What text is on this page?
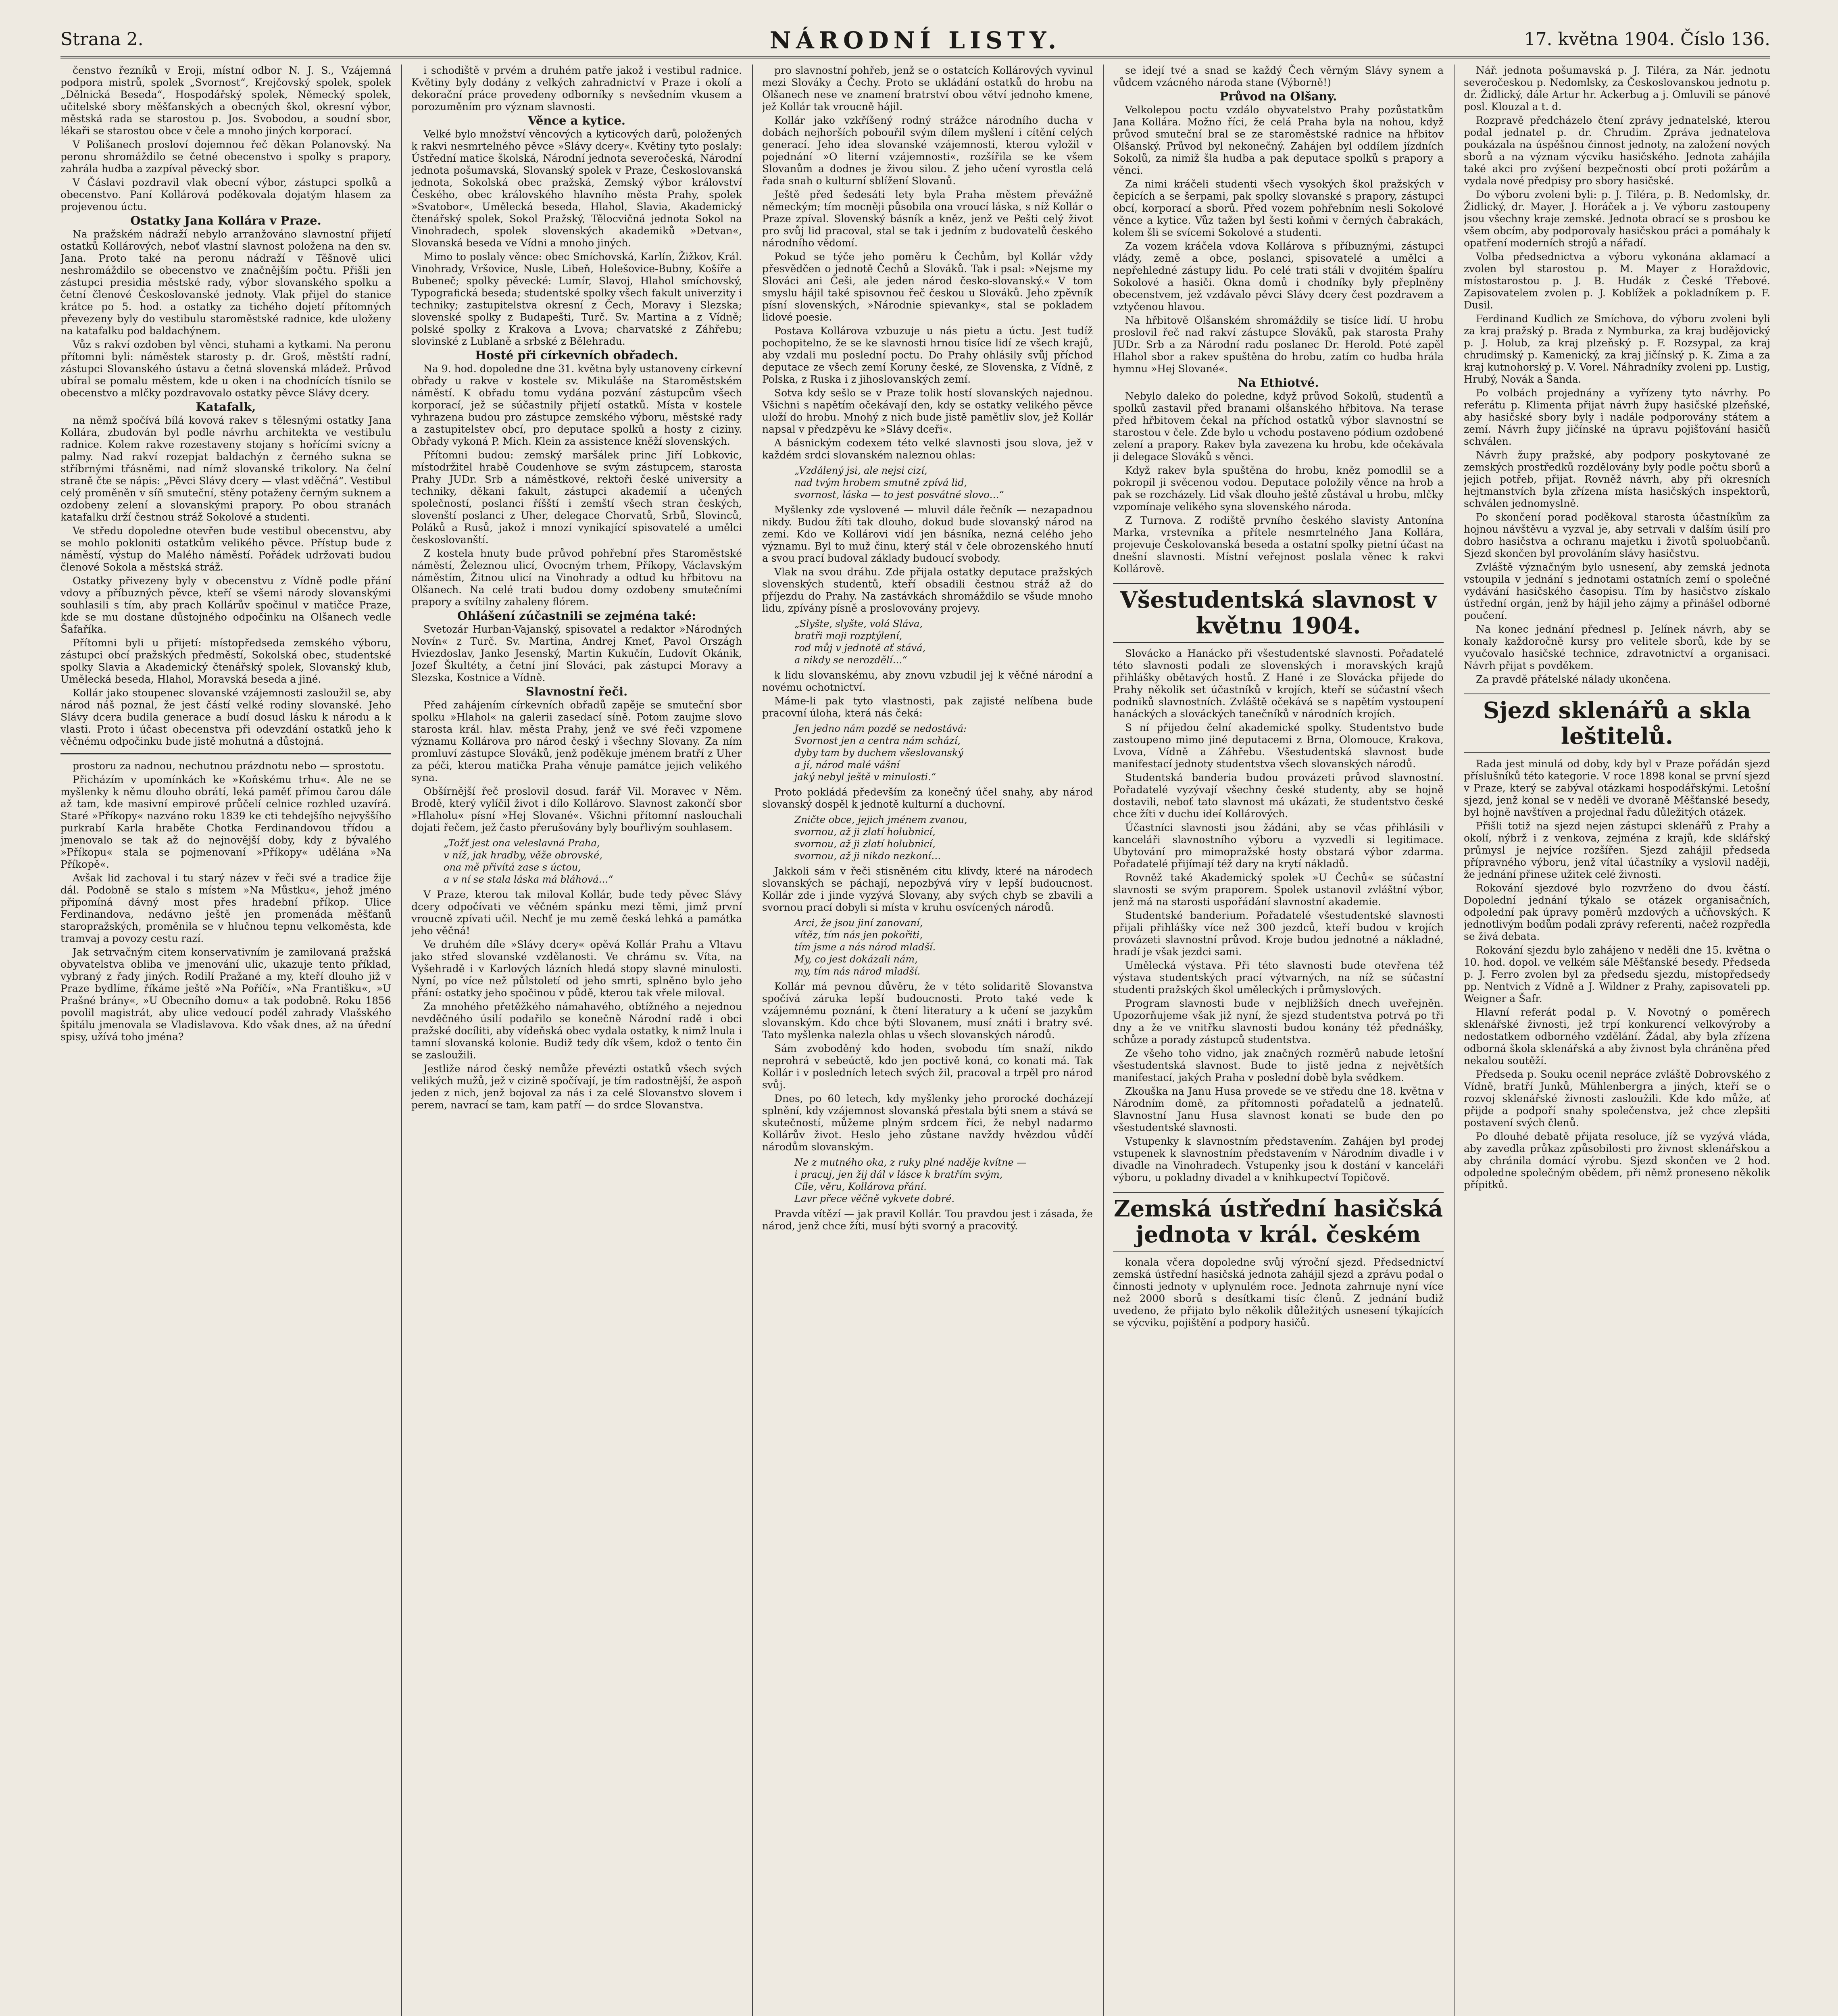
Strana 2.	NÁRODNÍ LISTY.	17. května 1904. Číslo 136.

čenstvo řezníků v Eroji, místní odbor N. J. S., Vzájemná podpora mistrů, spolek „Svornost“, Krejčovský spolek, spolek „Dělnická Beseda“, Hospodářský spolek, Německý spolek, učitelské sbory měšťanských a obecných škol, okresní výbor, městská rada se starostou p. Jos. Svobodou, a soudní sbor, lékaři se starostou obce v čele a mnoho jiných korporací.

V Polišanech prosloví dojemnou řeč děkan Polanovský. Na peronu shromáždilo se četné obecenstvo i spolky s prapory, zahrála hudba a zazpíval pěvecký sbor.

V Čáslavi pozdravil vlak obecní výbor, zástupci spolků a obecenstvo. Paní Kollárová poděkovala dojatým hlasem za projevenou úctu.

Ostatky Jana Kollára v Praze.

Na pražském nádraží nebylo arranžováno slavnostní přijetí ostatků Kollárových, neboť vlastní slavnost položena na den sv. Jana. Proto také na peronu nádraží v Těšnově ulici neshromáždilo se obecenstvo ve značnějším počtu. Přišli jen zástupci presidia městské rady, výbor slovanského spolku a četní členové Českoslovanské jednoty. Vlak přijel do stanice krátce po 5. hod. a ostatky za tichého dojetí přítomných převezeny byly do vestibulu staroměstské radnice, kde uloženy na katafalku pod baldachýnem.

Vůz s rakví ozdoben byl věnci, stuhami a kytkami. Na peronu přítomni byli: náměstek starosty p. dr. Groš, městští radní, zástupci Slovanského ústavu a četná slovenská mládež. Průvod ubíral se pomalu městem, kde u oken i na chodnících tísnilo se obecenstvo a mlčky pozdravovalo ostatky pěvce Slávy dcery.

Katafalk,

na němž spočívá bílá kovová rakev s tělesnými ostatky Jana Kollára, zbudován byl podle návrhu architekta ve vestibulu radnice. Kolem rakve rozestaveny stojany s hořícími svícny a palmy. Nad rakví rozepjat baldachýn z černého sukna se stříbrnými třásněmi, nad nímž slovanské trikolory. Na čelní straně čte se nápis: „Pěvci Slávy dcery — vlast vděčná“. Vestibul celý proměněn v síň smuteční, stěny potaženy černým suknem a ozdobeny zelení a slovanskými prapory. Po obou stranách katafalku drží čestnou stráž Sokolové a studenti.

Ve středu dopoledne otevřen bude vestibul obecenstvu, aby se mohlo pokloniti ostatkům velikého pěvce. Přístup bude z náměstí, výstup do Malého náměstí. Pořádek udržovati budou členové Sokola a městská stráž.

Ostatky přivezeny byly v obecenstvu z Vídně podle přání vdovy a příbuzných pěvce, kteří se všemi národy slovanskými souhlasili s tím, aby prach Kollárův spočinul v matičce Praze, kde se mu dostane důstojného odpočinku na Olšanech vedle Šafaříka.

Přítomni byli u přijetí: místopředseda zemského výboru, zástupci obcí pražských předměstí, Sokolská obec, studentské spolky Slavia a Akademický čtenářský spolek, Slovanský klub, Umělecká beseda, Hlahol, Moravská beseda a jiné.

Kollár jako stoupenec slovanské vzájemnosti zasloužil se, aby národ náš poznal, že jest částí velké rodiny slovanské. Jeho Slávy dcera budila generace a budí dosud lásku k národu a k vlasti. Proto i účast obecenstva při odevzdání ostatků jeho k věčnému odpočinku bude jistě mohutná a důstojná.

prostoru za nadnou, nechutnou prázdnotu nebo — sprostotu.

Přicházím v upomínkách ke »Koňskému trhu«. Ale ne se myšlenky k němu dlouho obrátí, leká paměť přímou čarou dále až tam, kde masivní empirové průčelí celnice rozhled uzavírá. Staré »Příkopy« nazváno roku 1839 ke cti tehdejšího nejvyššího purkrabí Karla hraběte Chotka Ferdinandovou třídou a jmenovalo se tak až do nejnovější doby, kdy z bývalého »Příkopu« stala se pojmenovaní »Příkopy« udělána »Na Příkopě«.

Avšak lid zachoval i tu starý název v řeči své a tradice žije dál. Podobně se stalo s místem »Na Můstku«, jehož jméno připomíná dávný most přes hradební příkop. Ulice Ferdinandova, nedávno ještě jen promenáda měšťanů staropražských, proměnila se v hlučnou tepnu velkoměsta, kde tramvaj a povozy cestu razí.

Jak setrvačným citem konservativním je zamilovaná pražská obyvatelstva obliba ve jmenování ulic, ukazuje tento příklad, vybraný z řady jiných. Rodilí Pražané a my, kteří dlouho již v Praze bydlíme, říkáme ještě »Na Poříčí«, »Na Františku«, »U Prašné brány«, »U Obecního domu« a tak podobně. Roku 1856 povolil magistrát, aby ulice vedoucí podél zahrady Vlašského špitálu jmenovala se Vladislavova. Kdo však dnes, až na úřední spisy, užívá toho jména?

i schodiště v prvém a druhém patře jakož i vestibul radnice. Květiny byly dodány z velkých zahradnictví v Praze i okolí a dekorační práce provedeny odborníky s nevšedním vkusem a porozuměním pro význam slavnosti.

Věnce a kytice.

Velké bylo množství věncových a kyticových darů, položených k rakvi nesmrtelného pěvce »Slávy dcery«. Květiny tyto poslaly: Ústřední matice školská, Národní jednota severočeská, Národní jednota pošumavská, Slovanský spolek v Praze, Českoslovanská jednota, Sokolská obec pražská, Zemský výbor království Českého, obec královského hlavního města Prahy, spolek »Svatobor«, Umělecká beseda, Hlahol, Slavia, Akademický čtenářský spolek, Sokol Pražský, Tělocvičná jednota Sokol na Vinohradech, spolek slovenských akademiků »Detvan«, Slovanská beseda ve Vídni a mnoho jiných.

Mimo to poslaly věnce: obec Smíchovská, Karlín, Žižkov, Král. Vinohrady, Vršovice, Nusle, Libeň, Holešovice-Bubny, Košíře a Bubeneč; spolky pěvecké: Lumír, Slavoj, Hlahol smíchovský, Typografická beseda; studentské spolky všech fakult univerzity i techniky; zastupitelstva okresní z Čech, Moravy i Slezska; slovenské spolky z Budapešti, Turč. Sv. Martina a z Vídně; polské spolky z Krakova a Lvova; charvatské z Záhřebu; slovinské z Lublaně a srbské z Bělehradu.

Hosté při církevních obřadech.

Na 9. hod. dopoledne dne 31. května byly ustanoveny církevní obřady u rakve v kostele sv. Mikuláše na Staroměstském náměstí. K obřadu tomu vydána pozvání zástupcům všech korporací, jež se súčastnily přijetí ostatků. Místa v kostele vyhrazena budou pro zástupce zemského výboru, městské rady a zastupitelstev obcí, pro deputace spolků a hosty z ciziny. Obřady vykoná P. Mich. Klein za assistence kněží slovenských.

Přítomni budou: zemský maršálek princ Jiří Lobkovic, místodržitel hrabě Coudenhove se svým zástupcem, starosta Prahy JUDr. Srb a náměstkové, rektoři české university a techniky, děkani fakult, zástupci akademií a učených společností, poslanci říšští i zemští všech stran českých, slovenští poslanci z Uher, delegace Chorvatů, Srbů, Slovinců, Poláků a Rusů, jakož i mnozí vynikající spisovatelé a umělci českoslovanští.

Z kostela hnuty bude průvod pohřební přes Staroměstské náměstí, Železnou ulicí, Ovocným trhem, Příkopy, Václavským náměstím, Žitnou ulicí na Vinohrady a odtud ku hřbitovu na Olšanech. Na celé trati budou domy ozdobeny smutečními prapory a svítilny zahaleny flórem.

Ohlášení zúčastnili se zejména také:

Svetozár Hurban-Vajanský, spisovatel a redaktor »Národných Novín« z Turč. Sv. Martina, Andrej Kmeť, Pavol Országh Hviezdoslav, Janko Jesenský, Martin Kukučín, Ľudovít Okánik, Jozef Škultéty, a četní jiní Slováci, pak zástupci Moravy a Slezska, Kostnice a Vídně.

Slavnostní řeči.

Před zahájením církevních obřadů zapěje se smuteční sbor spolku »Hlahol« na galerii zasedací síně. Potom zaujme slovo starosta král. hlav. města Prahy, jenž ve své řeči vzpomene významu Kollárova pro národ český i všechny Slovany. Za ním promluví zástupce Slováků, jenž poděkuje jménem bratří z Uher za péči, kterou matička Praha věnuje památce jejich velikého syna.

Obšírnější řeč proslovil dosud. farář Vil. Moravec v Něm. Brodě, který vylíčil život i dílo Kollárovo. Slavnost zakončí sbor »Hlaholu« písní »Hej Slované«. Všichni přítomní naslouchali dojati řečem, jež často přerušovány byly bouřlivým souhlasem.

„Tožť jest ona veleslavná Praha,
v níž, jak hradby, věže obrovské,
ona mě přivítá zase s úctou,
a v ní se stala láska má bláhová…“

V Praze, kterou tak miloval Kollár, bude tedy pěvec Slávy dcery odpočívati ve věčném spánku mezi těmi, jimž první vroucně zpívati učil. Nechť je mu země česká lehká a památka jeho věčná!

Ve druhém díle »Slávy dcery« opěvá Kollár Prahu a Vltavu jako střed slovanské vzdělanosti. Ve chrámu sv. Víta, na Vyšehradě i v Karlových lázních hledá stopy slavné minulosti. Nyní, po více než půlstoletí od jeho smrti, splněno bylo jeho přání: ostatky jeho spočinou v půdě, kterou tak vřele miloval.

Za mnohého přetěžkého námahavého, obtížného a nejednou nevděčného úsilí podařilo se konečně Národní radě i obci pražské docíliti, aby vídeňská obec vydala ostatky, k nimž lnula i tamní slovanská kolonie. Budiž tedy dík všem, kdož o tento čin se zasloužili.

Jestliže národ český nemůže převézti ostatků všech svých velikých mužů, jež v cizině spočívají, je tím radostnější, že aspoň jeden z nich, jenž bojoval za nás i za celé Slovanstvo slovem i perem, navrací se tam, kam patří — do srdce Slovanstva.

pro slavnostní pohřeb, jenž se o ostatcích Kollárových vyvinul mezi Slováky a Čechy. Proto se ukládání ostatků do hrobu na Olšanech nese ve znamení bratrství obou větví jednoho kmene, jež Kollár tak vroucně hájil.

Kollár jako vzkříšený rodný strážce národního ducha v dobách nejhorších pobouřil svým dílem myšlení i cítění celých generací. Jeho idea slovanské vzájemnosti, kterou vyložil v pojednání »O literní vzájemnosti«, rozšířila se ke všem Slovanům a dodnes je živou silou. Z jeho učení vyrostla celá řada snah o kulturní sblížení Slovanů.

Ještě před šedesáti lety byla Praha městem převážně německým; tím mocněji působila ona vroucí láska, s níž Kollár o Praze zpíval. Slovenský básník a kněz, jenž ve Pešti celý život pro svůj lid pracoval, stal se tak i jedním z budovatelů českého národního vědomí.

Pokud se týče jeho poměru k Čechům, byl Kollár vždy přesvědčen o jednotě Čechů a Slováků. Tak i psal: »Nejsme my Slováci ani Češi, ale jeden národ česko-slovanský.« V tom smyslu hájil také spisovnou řeč českou u Slováků. Jeho zpěvník písní slovenských, »Národnie spievanky«, stal se pokladem lidové poesie.

Postava Kollárova vzbuzuje u nás pietu a úctu. Jest tudíž pochopitelno, že se ke slavnosti hrnou tisíce lidí ze všech krajů, aby vzdali mu poslední poctu. Do Prahy ohlásily svůj příchod deputace ze všech zemí Koruny české, ze Slovenska, z Vídně, z Polska, z Ruska i z jihoslovanských zemí.

Sotva kdy sešlo se v Praze tolik hostí slovanských najednou. Všichni s napětím očekávají den, kdy se ostatky velikého pěvce uloží do hrobu. Mnohý z nich bude jistě pamětliv slov, jež Kollár napsal v předzpěvu ke »Slávy dceři«.

A básnickým codexem této velké slavnosti jsou slova, jež v každém srdci slovanském naleznou ohlas:

„Vzdálený jsi, ale nejsi cizí,
nad tvým hrobem smutně zpívá lid,
svornost, láska — to jest posvátné slovo…“

Myšlenky zde vyslovené — mluvil dále řečník — nezapadnou nikdy. Budou žíti tak dlouho, dokud bude slovanský národ na zemi. Kdo ve Kollárovi vidí jen básníka, nezná celého jeho významu. Byl to muž činu, který stál v čele obrozenského hnutí a svou prací budoval základy budoucí svobody.

Vlak na svou dráhu. Zde přijala ostatky deputace pražských slovenských studentů, kteří obsadili čestnou stráž až do příjezdu do Prahy. Na zastávkách shromáždilo se všude mnoho lidu, zpívány písně a proslovovány projevy.

„Slyšte, slyšte, volá Sláva,
bratři moji rozptýlení,
rod můj v jednotě ať stává,
a nikdy se nerozdělí…“

k lidu slovanskému, aby znovu vzbudil jej k věčné národní a novému ochotnictví.

Máme-li pak tyto vlastnosti, pak zajisté nelíbena bude pracovní úloha, která nás čeká:

Jen jedno nám pozdě se nedostává:
Svornost jen a centra nám schází,
dyby tam by duchem všeslovanský
a jí, národ malé vášní
jaký nebyl ještě v minulosti.“

Proto pokládá především za konečný účel snahy, aby národ slovanský dospěl k jednotě kulturní a duchovní.

Zničte obce, jejich jménem zvanou,
svornou, až ji zlatí holubnicí,
svornou, až ji zlatí holubnicí,
svornou, až ji nikdo nezkoní…

Jakkoli sám v řeči stisněném citu klivdy, které na národech slovanských se páchají, nepozbývá víry v lepší budoucnost. Kollár zde i jinde vyzývá Slovany, aby svých chyb se zbavili a svornou prací dobyli si místa v kruhu osvícených národů.

Arci, že jsou jiní zanovaní,
vítěz, tím nás jen pokořiti,
tím jsme a nás národ mladší.
My, co jest dokázali nám,
my, tím nás národ mladší.

Kollár má pevnou důvěru, že v této solidaritě Slovanstva spočívá záruka lepší budoucnosti. Proto také vede k vzájemnému poznání, k čtení literatury a k učení se jazykům slovanským. Kdo chce býti Slovanem, musí znáti i bratry své. Tato myšlenka nalezla ohlas u všech slovanských národů.

Sám zvoboděný kdo hoden, svobodu tím snaží, nikdo neprohrá v sebeúctě, kdo jen poctivě koná, co konati má. Tak Kollár i v posledních letech svých žil, pracoval a trpěl pro národ svůj.

Dnes, po 60 letech, kdy myšlenky jeho prorocké docházejí splnění, kdy vzájemnost slovanská přestala býti snem a stává se skutečností, můžeme plným srdcem říci, že nebyl nadarmo Kollárův život. Heslo jeho zůstane navždy hvězdou vůdčí národům slovanským.

Ne z mutného oka, z ruky plné naděje kvítne —
i pracuj, jen žij dál v lásce k bratřím svým,
Cíle, věru, Kollárova přání.
Lavr přece věčně vykvete dobré.

Pravda vítězí — jak pravil Kollár. Tou pravdou jest i zásada, že národ, jenž chce žíti, musí býti svorný a pracovitý.

se idejí tvé a snad se každý Čech věrným Slávy synem a vůdcem vzácného národa stane (Výborně!)

Průvod na Olšany.

Velkolepou poctu vzdálo obyvatelstvo Prahy pozůstatkům Jana Kollára. Možno říci, že celá Praha byla na nohou, když průvod smuteční bral se ze staroměstské radnice na hřbitov Olšanský. Průvod byl nekonečný. Zahájen byl oddílem jízdních Sokolů, za nimiž šla hudba a pak deputace spolků s prapory a věnci.

Za nimi kráčeli studenti všech vysokých škol pražských v čepicích a se šerpami, pak spolky slovanské s prapory, zástupci obcí, korporací a sborů. Před vozem pohřebním nesli Sokolové věnce a kytice. Vůz tažen byl šesti koňmi v černých čabrakách, kolem šli se svícemi Sokolové a studenti.

Za vozem kráčela vdova Kollárova s příbuznými, zástupci vlády, země a obce, poslanci, spisovatelé a umělci a nepřehledné zástupy lidu. Po celé trati stáli v dvojitém špalíru Sokolové a hasiči. Okna domů i chodníky byly přeplněny obecenstvem, jež vzdávalo pěvci Slávy dcery čest pozdravem a vztyčenou hlavou.

Na hřbitově Olšanském shromáždily se tisíce lidí. U hrobu proslovil řeč nad rakví zástupce Slováků, pak starosta Prahy JUDr. Srb a za Národní radu poslanec Dr. Herold. Poté zapěl Hlahol sbor a rakev spuštěna do hrobu, zatím co hudba hrála hymnu »Hej Slované«.

Na Ethiotvé.

Nebylo daleko do poledne, když průvod Sokolů, studentů a spolků zastavil před branami olšanského hřbitova. Na terase před hřbitovem čekal na příchod ostatků výbor slavnostní se starostou v čele. Zde bylo u vchodu postaveno pódium ozdobené zelení a prapory. Rakev byla zavezena ku hrobu, kde očekávala ji delegace Slováků s věnci.

Když rakev byla spuštěna do hrobu, kněz pomodlil se a pokropil ji svěcenou vodou. Deputace položily věnce na hrob a pak se rozcházely. Lid však dlouho ještě zůstával u hrobu, mlčky vzpomínaje velikého syna slovenského národa.

Z Turnova. Z rodiště prvního českého slavisty Antonína Marka, vrstevníka a přítele nesmrtelného Jana Kollára, projevuje Českolovanská beseda a ostatní spolky pietní účast na dnešní slavnosti. Místní veřejnost poslala věnec k rakvi Kollárově.

Všestudentská slavnost v květnu 1904.

Slovácko a Hanácko při všestudentské slavnosti. Pořadatelé této slavnosti podali ze slovenských i moravských krajů přihlášky obětavých hostů. Z Hané i ze Slovácka přijede do Prahy několik set účastníků v krojích, kteří se súčastní všech podniků slavnostních. Zvláště očekává se s napětím vystoupení hanáckých a slováckých tanečníků v národních krojích.

S ní přijedou čelní akademické spolky. Studentstvo bude zastoupeno mimo jiné deputacemi z Brna, Olomouce, Krakova, Lvova, Vídně a Záhřebu. Všestudentská slavnost bude manifestací jednoty studentstva všech slovanských národů.

Studentská banderia budou provázeti průvod slavnostní. Pořadatelé vyzývají všechny české studenty, aby se hojně dostavili, neboť tato slavnost má ukázati, že studentstvo české chce žíti v duchu ideí Kollárových.

Účastníci slavnosti jsou žádáni, aby se včas přihlásili v kanceláři slavnostního výboru a vyzvedli si legitimace. Ubytování pro mimopražské hosty obstará výbor zdarma. Pořadatelé přijímají též dary na krytí nákladů.

Rovněž také Akademický spolek »U Čechů« se súčastní slavnosti se svým praporem. Spolek ustanovil zvláštní výbor, jenž má na starosti uspořádání slavnostní akademie.

Studentské banderium. Pořadatelé všestudentské slavnosti přijali přihlášky více než 300 jezdců, kteří budou v krojích provázeti slavnostní průvod. Kroje budou jednotné a nákladné, hradí je však jezdci sami.

Umělecká výstava. Při této slavnosti bude otevřena též výstava studentských prací výtvarných, na níž se súčastní studenti pražských škol uměleckých i průmyslových.

Program slavnosti bude v nejbližších dnech uveřejněn. Upozorňujeme však již nyní, že sjezd studentstva potrvá po tři dny a že ve vnitřku slavnosti budou konány též přednášky, schůze a porady zástupců studentstva.

Ze všeho toho vidno, jak značných rozměrů nabude letošní všestudentská slavnost. Bude to jistě jedna z největších manifestací, jakých Praha v poslední době byla svědkem.

Zkouška na Janu Husa provede se ve středu dne 18. května v Národním domě, za přítomnosti pořadatelů a jednatelů. Slavnostní Janu Husa slavnost konati se bude den po všestudentské slavnosti.

Vstupenky k slavnostním představením. Zahájen byl prodej vstupenek k slavnostním představením v Národním divadle i v divadle na Vinohradech. Vstupenky jsou k dostání v kanceláři výboru, u pokladny divadel a v knihkupectví Topičově.

Zemská ústřední hasičská jednota v král. českém

konala včera dopoledne svůj výroční sjezd. Předsednictví zemská ústřední hasičská jednota zahájil sjezd a zprávu podal o činnosti jednoty v uplynulém roce. Jednota zahrnuje nyní více než 2000 sborů s desítkami tisíc členů. Z jednání budiž uvedeno, že přijato bylo několik důležitých usnesení týkajících se výcviku, pojištění a podpory hasičů.

Nář. jednota pošumavská p. J. Tiléra, za Nár. jednotu severočeskou p. Nedomlsky, za Českoslovanskou jednotu p. dr. Židlický, dále Artur hr. Ackerbug a j. Omluvili se pánové posl. Klouzal a t. d.

Rozpravě předcházelo čtení zprávy jednatelské, kterou podal jednatel p. dr. Chrudim. Zpráva jednatelova poukázala na úspěšnou činnost jednoty, na založení nových sborů a na význam výcviku hasičského. Jednota zahájila také akci pro zvýšení bezpečnosti obcí proti požárům a vydala nové předpisy pro sbory hasičské.

Do výboru zvoleni byli: p. J. Tiléra, p. B. Nedomlsky, dr. Židlický, dr. Mayer, J. Horáček a j. Ve výboru zastoupeny jsou všechny kraje zemské. Jednota obrací se s prosbou ke všem obcím, aby podporovaly hasičskou práci a pomáhaly k opatření moderních strojů a nářadí.

Volba předsednictva a výboru vykonána aklamací a zvolen byl starostou p. M. Mayer z Horaždovic, místostarostou p. J. B. Hudák z České Třebové. Zapisovatelem zvolen p. J. Koblížek a pokladníkem p. F. Dusil.

Ferdinand Kudlich ze Smíchova, do výboru zvoleni byli za kraj pražský p. Brada z Nymburka, za kraj budějovický p. J. Holub, za kraj plzeňský p. F. Rozsypal, za kraj chrudimský p. Kamenický, za kraj jičínský p. K. Zima a za kraj kutnohorský p. V. Vorel. Náhradníky zvoleni pp. Lustig, Hrubý, Novák a Šanda.

Po volbách projednány a vyřízeny tyto návrhy. Po referátu p. Klimenta přijat návrh župy hasičské plzeňské, aby hasičské sbory byly i nadále podporovány státem a zemí. Návrh župy jičínské na úpravu pojišťování hasičů schválen.

Návrh župy pražské, aby podpory poskytované ze zemských prostředků rozdělovány byly podle počtu sborů a jejich potřeb, přijat. Rovněž návrh, aby při okresních hejtmanstvích byla zřízena místa hasičských inspektorů, schválen jednomyslně.

Po skončení porad poděkoval starosta účastníkům za hojnou návštěvu a vyzval je, aby setrvali v dalším úsilí pro dobro hasičstva a ochranu majetku i životů spoluobčanů. Sjezd skončen byl provoláním slávy hasičstvu.

Zvláště význačným bylo usnesení, aby zemská jednota vstoupila v jednání s jednotami ostatních zemí o společné vydávání hasičského časopisu. Tím by hasičstvo získalo ústřední orgán, jenž by hájil jeho zájmy a přinášel odborné poučení.

Na konec jednání přednesl p. Jelínek návrh, aby se konaly každoročně kursy pro velitele sborů, kde by se vyučovalo hasičské technice, zdravotnictví a organisaci. Návrh přijat s povděkem.

Za pravdě přátelské nálady ukončena.

Sjezd sklenářů a skla leštitelů.

Rada jest minulá od doby, kdy byl v Praze pořádán sjezd příslušníků této kategorie. V roce 1898 konal se první sjezd v Praze, který se zabýval otázkami hospodářskými. Letošní sjezd, jenž konal se v neděli ve dvoraně Měšťanské besedy, byl hojně navštíven a projednal řadu důležitých otázek.

Přišli totiž na sjezd nejen zástupci sklenářů z Prahy a okolí, nýbrž i z venkova, zejména z krajů, kde sklářský průmysl je nejvíce rozšířen. Sjezd zahájil předseda přípravného výboru, jenž vítal účastníky a vyslovil naději, že jednání přinese užitek celé živnosti.

Rokování sjezdové bylo rozvrženo do dvou částí. Dopolední jednání týkalo se otázek organisačních, odpolední pak úpravy poměrů mzdových a učňovských. K jednotlivým bodům podali zprávy referenti, načež rozpředla se živá debata.

Rokování sjezdu bylo zahájeno v neděli dne 15. května o 10. hod. dopol. ve velkém sále Měšťanské besedy. Předseda p. J. Ferro zvolen byl za předsedu sjezdu, místopředsedy pp. Nentvich z Vídně a J. Wildner z Prahy, zapisovateli pp. Weigner a Šafr.

Hlavní referát podal p. V. Novotný o poměrech sklenářské živnosti, jež trpí konkurencí velkovýroby a nedostatkem odborného vzdělání. Žádal, aby byla zřízena odborná škola sklenářská a aby živnost byla chráněna před nekalou soutěží.

Předseda p. Souku ocenil nepráce zvláště Dobrovského z Vídně, bratří Junků, Mühlenbergra a jiných, kteří se o rozvoj sklenářské živnosti zasloužili. Kde kdo může, ať přijde a podpoří snahy společenstva, jež chce zlepšiti postavení svých členů.

Po dlouhé debatě přijata resoluce, jíž se vyzývá vláda, aby zavedla průkaz způsobilosti pro živnost sklenářskou a aby chránila domácí výrobu. Sjezd skončen ve 2 hod. odpoledne společným obědem, při němž proneseno několik přípitků.
